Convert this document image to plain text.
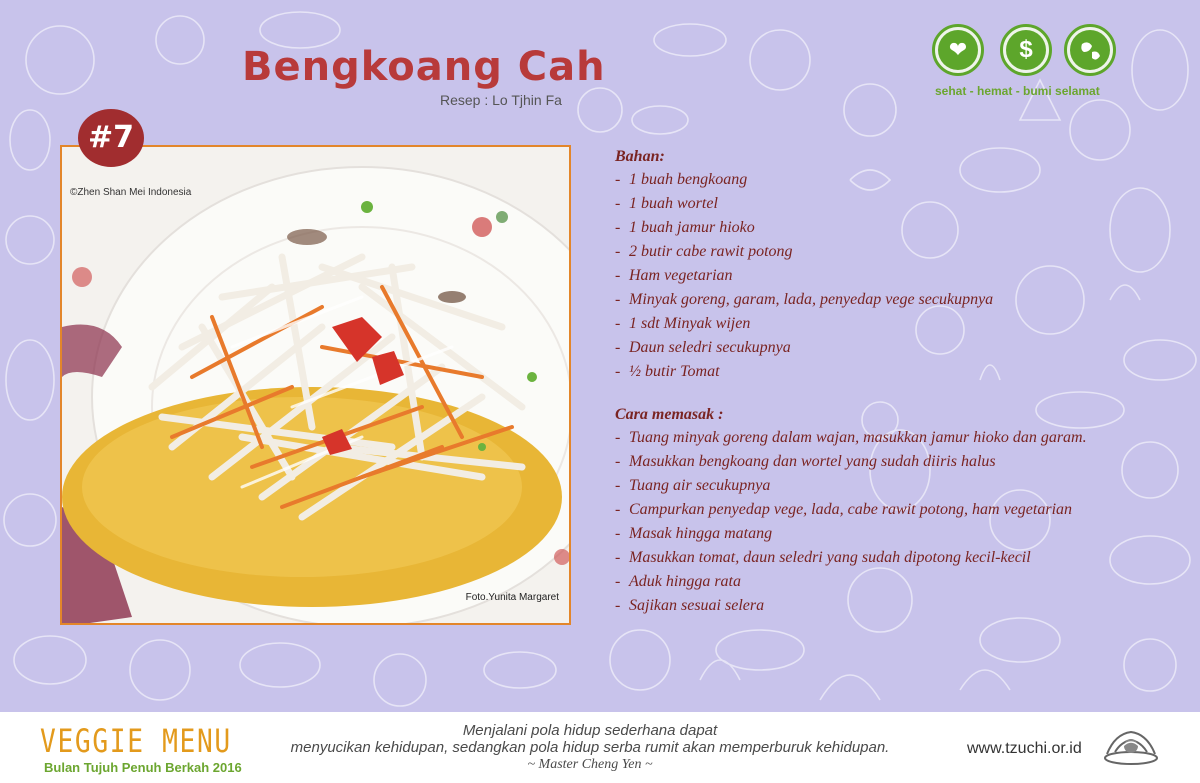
Bengkoang Cah
Resep : Lo Tjhin Fa
#7
©Zhen Shan Mei Indonesia
Foto.Yunita Margaret
❤ $
sehat - hemat - bumi selamat
Bahan:
- 1 buah bengkoang
- 1 buah wortel
- 1 buah jamur hioko
- 2 butir cabe rawit potong
- Ham vegetarian
- Minyak goreng, garam, lada, penyedap vege secukupnya
- 1 sdt Minyak wijen
- Daun seledri secukupnya
- ½ butir Tomat
Cara memasak :
- Tuang minyak goreng dalam wajan, masukkan jamur hioko dan garam.
- Masukkan bengkoang dan wortel yang sudah diiris halus
- Tuang air secukupnya
- Campurkan penyedap vege, lada, cabe rawit potong, ham vegetarian
- Masak hingga matang
- Masukkan tomat, daun seledri yang sudah dipotong kecil-kecil
- Aduk hingga rata
- Sajikan sesuai selera
VEGGIE MENU
Bulan Tujuh Penuh Berkah 2016
Menjalani pola hidup sederhana dapat
menyucikan kehidupan, sedangkan pola hidup serba rumit akan memperburuk kehidupan.
~ Master Cheng Yen ~
www.tzuchi.or.id
